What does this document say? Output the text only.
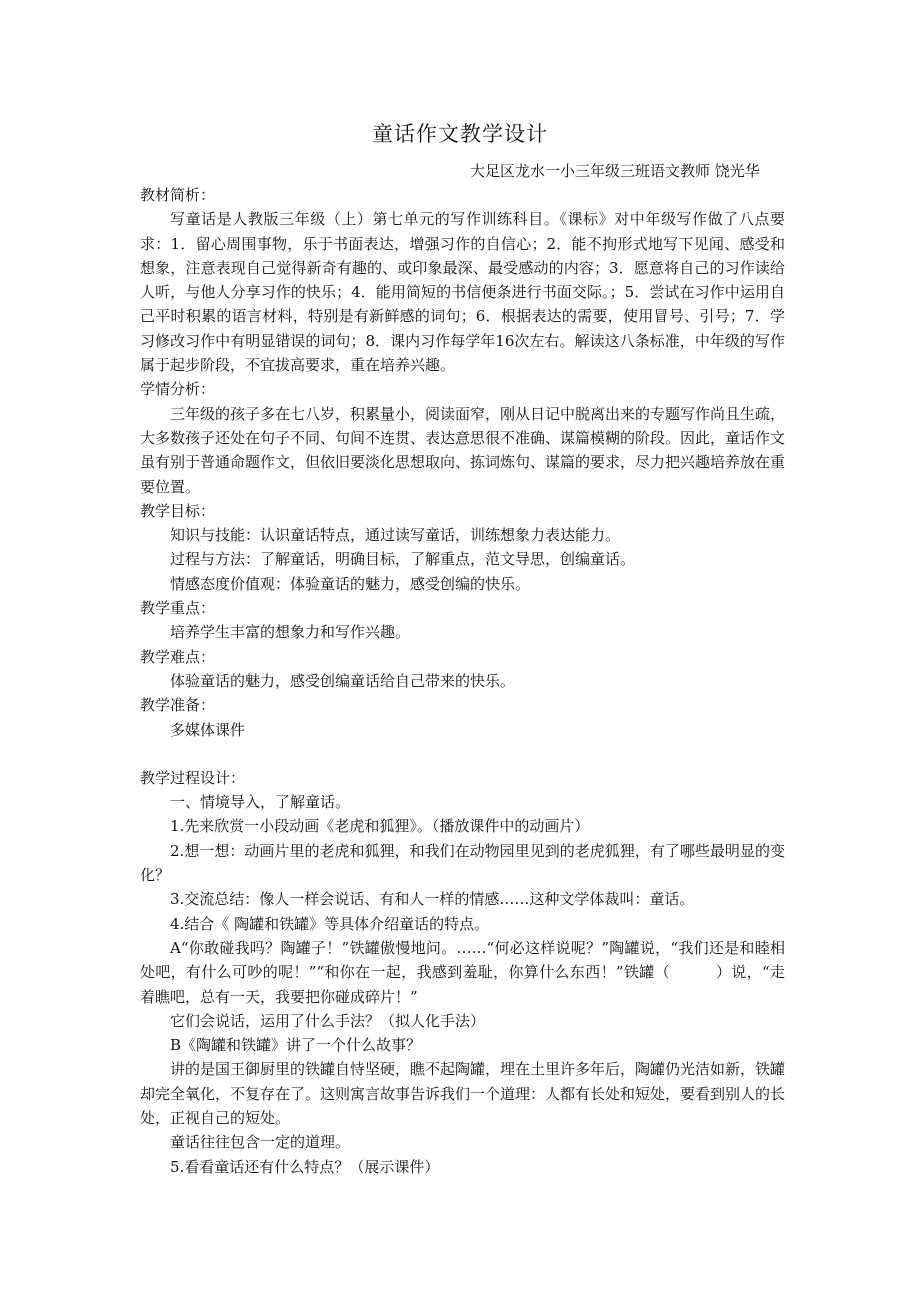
童话作文教学设计
大足区龙水一小三年级三班语文教师 饶光华

教材简析：

写童话是人教版三年级（上）第七单元的写作训练科目。《课标》对中年级写作做了八点要求：1．留心周围事物，乐于书面表达，增强习作的自信心；2．能不拘形式地写下见闻、感受和想象，注意表现自己觉得新奇有趣的、或印象最深、最受感动的内容；3．愿意将自己的习作读给人听，与他人分享习作的快乐；4．能用简短的书信便条进行书面交际。；5．尝试在习作中运用自己平时积累的语言材料，特别是有新鲜感的词句；6．根据表达的需要，使用冒号、引号；7．学习修改习作中有明显错误的词句；8．课内习作每学年16次左右。解读这八条标准，中年级的写作属于起步阶段，不宜拔高要求，重在培养兴趣。

学情分析：

三年级的孩子多在七八岁，积累量小，阅读面窄，刚从日记中脱离出来的专题写作尚且生疏，大多数孩子还处在句子不同、句间不连贯、表达意思很不准确、谋篇模糊的阶段。因此，童话作文虽有别于普通命题作文，但依旧要淡化思想取向、拣词炼句、谋篇的要求，尽力把兴趣培养放在重要位置。

教学目标：

知识与技能：认识童话特点，通过读写童话，训练想象力表达能力。

过程与方法：了解童话，明确目标，了解重点，范文导思，创编童话。

情感态度价值观：体验童话的魅力，感受创编的快乐。

教学重点：

培养学生丰富的想象力和写作兴趣。

教学难点：

体验童话的魅力，感受创编童话给自己带来的快乐。

教学准备：

多媒体课件

教学过程设计：

一、情境导入，了解童话。

1.先来欣赏一小段动画《老虎和狐狸》。（播放课件中的动画片）

2.想一想：动画片里的老虎和狐狸，和我们在动物园里见到的老虎狐狸，有了哪些最明显的变化？

3.交流总结：像人一样会说话、有和人一样的情感……这种文学体裁叫：童话。

4.结合《 陶罐和铁罐》等具体介绍童话的特点。

A“你敢碰我吗？陶罐子！”铁罐傲慢地问。……“何必这样说呢？”陶罐说，“我们还是和睦相处吧，有什么可吵的呢！”“和你在一起，我感到羞耻，你算什么东西！”铁罐（　　　）说，“走着瞧吧，总有一天，我要把你碰成碎片！”

它们会说话，运用了什么手法？（拟人化手法）

B《陶罐和铁罐》讲了一个什么故事？

讲的是国王御厨里的铁罐自恃坚硬，瞧不起陶罐，埋在土里许多年后，陶罐仍光洁如新，铁罐却完全氧化，不复存在了。这则寓言故事告诉我们一个道理：人都有长处和短处，要看到别人的长处，正视自己的短处。

童话往往包含一定的道理。

5.看看童话还有什么特点？（展示课件）
